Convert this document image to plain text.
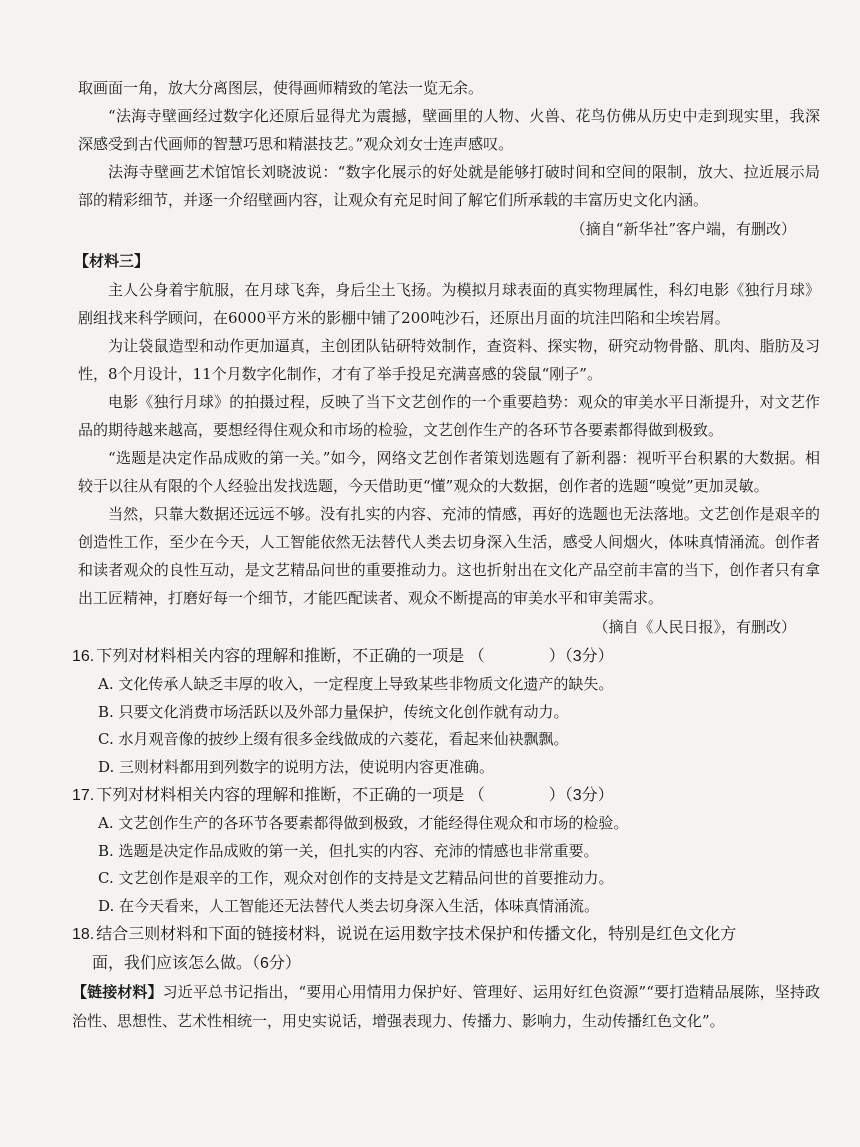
取画面一角，放大分离图层，使得画师精致的笔法一览无余。

“法海寺壁画经过数字化还原后显得尤为震撼，壁画里的人物、火兽、花鸟仿佛从历史中走到现实里，我深深感受到古代画师的智慧巧思和精湛技艺。”观众刘女士连声感叹。

法海寺壁画艺术馆馆长刘晓波说：“数字化展示的好处就是能够打破时间和空间的限制，放大、拉近展示局部的精彩细节，并逐一介绍壁画内容，让观众有充足时间了解它们所承载的丰富历史文化内涵。

（摘自“新华社”客户端，有删改）

【材料三】

主人公身着宇航服，在月球飞奔，身后尘土飞扬。为模拟月球表面的真实物理属性，科幻电影《独行月球》剧组找来科学顾问，在6000平方米的影棚中铺了200吨沙石，还原出月面的坑洼凹陷和尘埃岩屑。

为让袋鼠造型和动作更加逼真，主创团队钻研特效制作，查资料、探实物，研究动物骨骼、肌肉、脂肪及习性，8个月设计，11个月数字化制作，才有了举手投足充满喜感的袋鼠“刚子”。

电影《独行月球》的拍摄过程，反映了当下文艺创作的一个重要趋势：观众的审美水平日渐提升，对文艺作品的期待越来越高，要想经得住观众和市场的检验，文艺创作生产的各环节各要素都得做到极致。

“选题是决定作品成败的第一关。”如今，网络文艺创作者策划选题有了新利器：视听平台积累的大数据。相较于以往从有限的个人经验出发找选题，今天借助更“懂”观众的大数据，创作者的选题“嗅觉”更加灵敏。

当然，只靠大数据还远远不够。没有扎实的内容、充沛的情感，再好的选题也无法落地。文艺创作是艰辛的创造性工作，至少在今天，人工智能依然无法替代人类去切身深入生活，感受人间烟火，体味真情涌流。创作者和读者观众的良性互动，是文艺精品问世的重要推动力。这也折射出在文化产品空前丰富的当下，创作者只有拿出工匠精神，打磨好每一个细节，才能匹配读者、观众不断提高的审美水平和审美需求。

（摘自《人民日报》，有删改）

16. 下列对材料相关内容的理解和推断，不正确的一项是 （	）（3分）

A. 文化传承人缺乏丰厚的收入，一定程度上导致某些非物质文化遗产的缺失。

B. 只要文化消费市场活跃以及外部力量保护，传统文化创作就有动力。

C. 水月观音像的披纱上缀有很多金线做成的六菱花，看起来仙袂飘飘。

D. 三则材料都用到列数字的说明方法，使说明内容更准确。

17. 下列对材料相关内容的理解和推断，不正确的一项是 （	）（3分）

A. 文艺创作生产的各环节各要素都得做到极致，才能经得住观众和市场的检验。

B. 选题是决定作品成败的第一关，但扎实的内容、充沛的情感也非常重要。

C. 文艺创作是艰辛的工作，观众对创作的支持是文艺精品问世的首要推动力。

D. 在今天看来，人工智能还无法替代人类去切身深入生活，体味真情涌流。

18. 结合三则材料和下面的链接材料，说说在运用数字技术保护和传播文化，特别是红色文化方

面，我们应该怎么做。（6分）

【链接材料】习近平总书记指出，“要用心用情用力保护好、管理好、运用好红色资源”“要打造精品展陈，坚持政治性、思想性、艺术性相统一，用史实说话，增强表现力、传播力、影响力，生动传播红色文化”。
